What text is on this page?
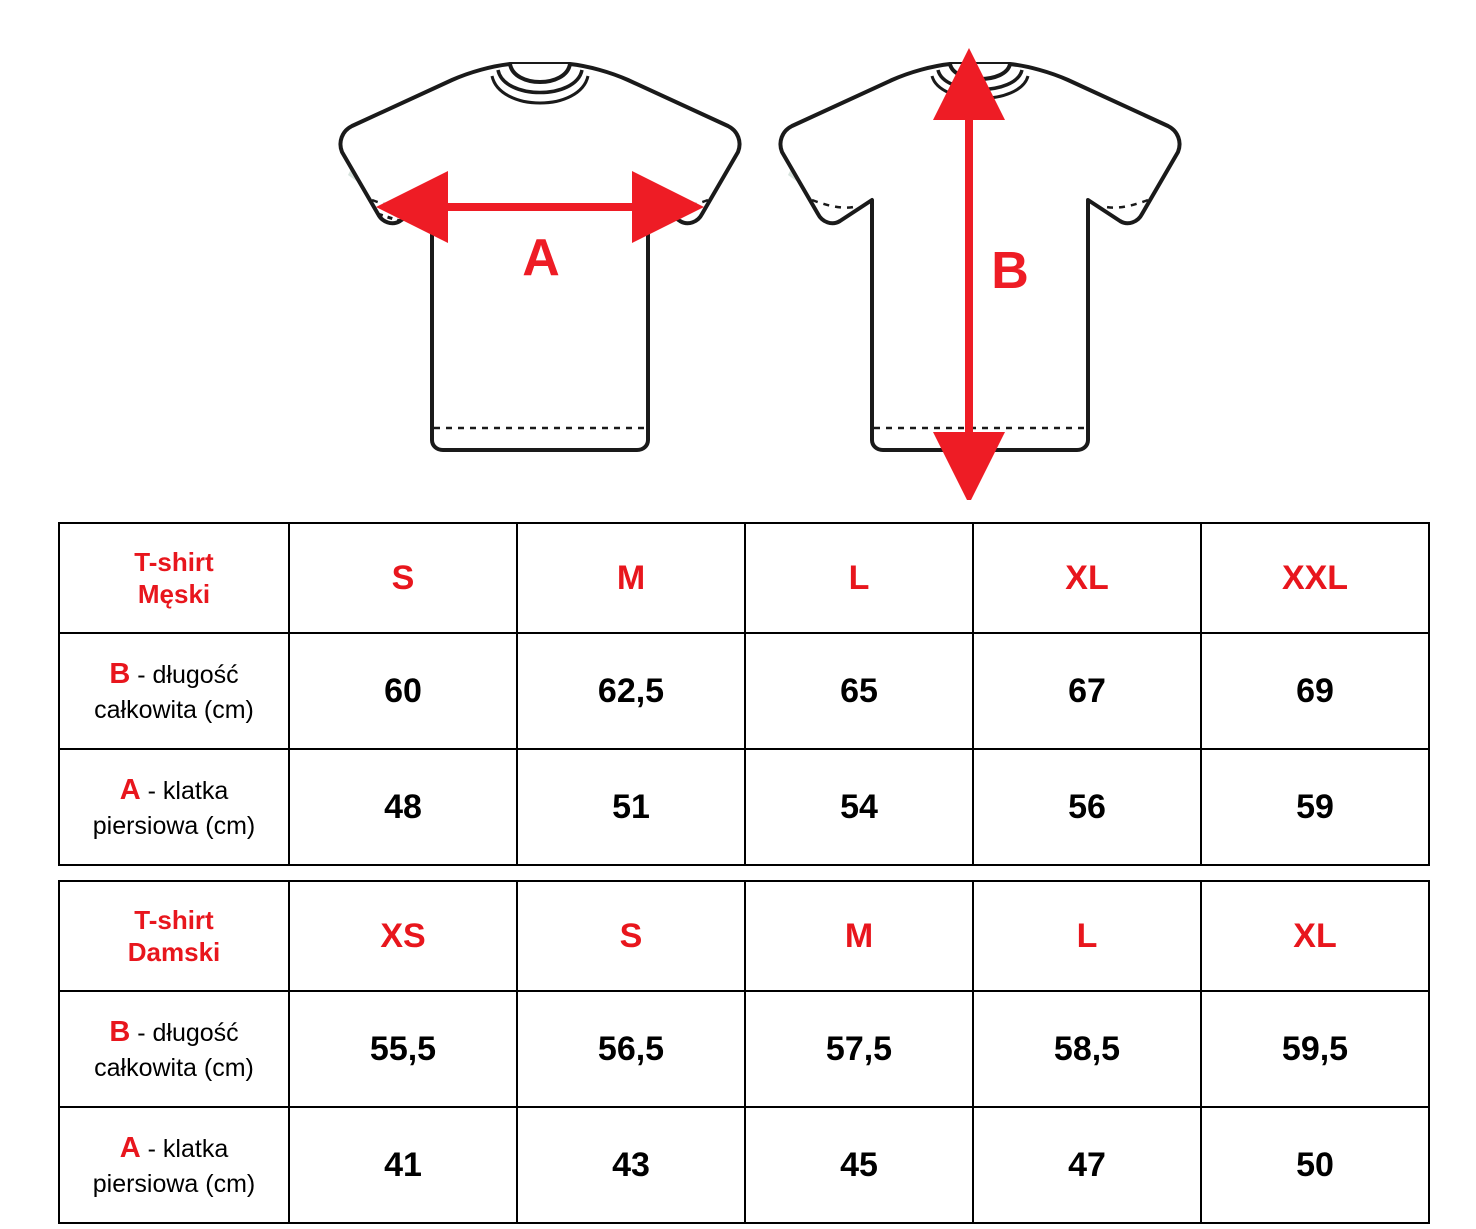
A	B
T-shirt
Męski	S	M	L	XL	XXL

B - długość
całkowita (cm)	60	62,5	65	67	69

A - klatka
piersiowa (cm)	48	51	54	56	59
T-shirt
Damski	XS	S	M	L	XL

B - długość
całkowita (cm)	55,5	56,5	57,5	58,5	59,5

A - klatka
piersiowa (cm)	41	43	45	47	50
